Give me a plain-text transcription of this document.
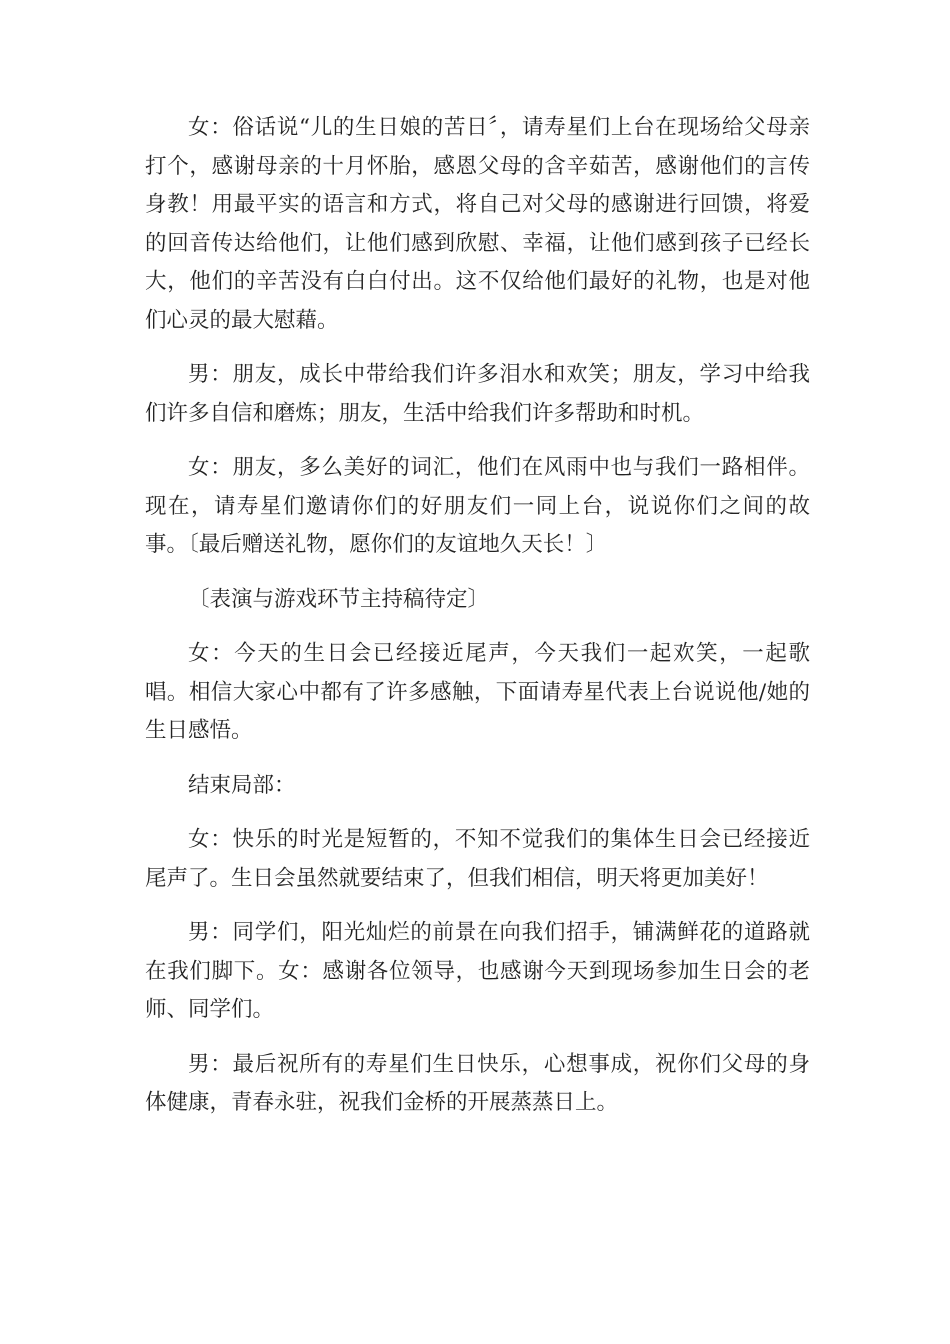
女：俗话说“儿的生日娘的苦日〞，请寿星们上台在现场给父母亲打个，感谢母亲的十月怀胎，感恩父母的含辛茹苦，感谢他们的言传身教！用最平实的语言和方式，将自己对父母的感谢进行回馈，将爱的回音传达给他们，让他们感到欣慰、幸福，让他们感到孩子已经长大，他们的辛苦没有白白付出。这不仅给他们最好的礼物，也是对他们心灵的最大慰藉。

男：朋友，成长中带给我们许多泪水和欢笑；朋友，学习中给我们许多自信和磨炼；朋友，生活中给我们许多帮助和时机。

女：朋友，多么美好的词汇，他们在风雨中也与我们一路相伴。现在，请寿星们邀请你们的好朋友们一同上台，说说你们之间的故事。〔最后赠送礼物，愿你们的友谊地久天长！〕

〔表演与游戏环节主持稿待定〕

女：今天的生日会已经接近尾声，今天我们一起欢笑，一起歌唱。相信大家心中都有了许多感触，下面请寿星代表上台说说他/她的生日感悟。

结束局部：

女：快乐的时光是短暂的，不知不觉我们的集体生日会已经接近尾声了。生日会虽然就要结束了，但我们相信，明天将更加美好！

男：同学们，阳光灿烂的前景在向我们招手，铺满鲜花的道路就在我们脚下。女：感谢各位领导，也感谢今天到现场参加生日会的老师、同学们。

男：最后祝所有的寿星们生日快乐，心想事成，祝你们父母的身体健康，青春永驻，祝我们金桥的开展蒸蒸日上。
